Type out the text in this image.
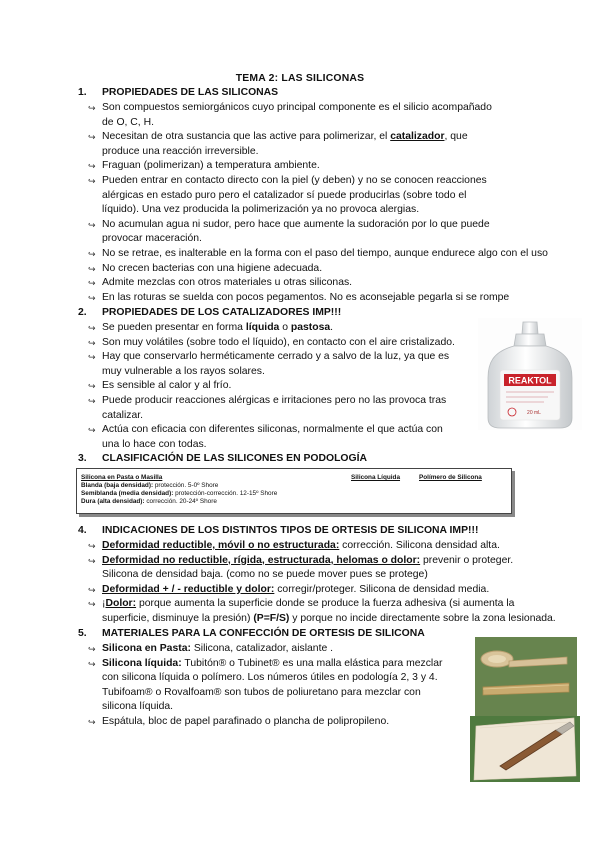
TEMA 2: LAS SILICONAS
1. PROPIEDADES DE LAS SILICONAS
↪ Son compuestos semiorgánicos cuyo principal componente es el silicio acompañado
de O, C, H.
↪ Necesitan de otra sustancia que las active para polimerizar, el catalizador, que
produce una reacción irreversible.
↪ Fraguan (polimerizan) a temperatura ambiente.
↪ Pueden entrar en contacto directo con la piel (y deben) y no se conocen reacciones
alérgicas en estado puro pero el catalizador sí puede producirlas (sobre todo el
líquido). Una vez producida la polimerización ya no provoca alergias.
↪ No acumulan agua ni sudor, pero hace que aumente la sudoración por lo que puede
provocar maceración.
↪ No se retrae, es inalterable en la forma con el paso del tiempo, aunque endurece algo con el uso
↪ No crecen bacterias con una higiene adecuada.
↪ Admite mezclas con otros materiales u otras siliconas.
↪ En las roturas se suelda con pocos pegamentos. No es aconsejable pegarla si se rompe
2. PROPIEDADES DE LOS CATALIZADORES IMP!!!
↪ Se pueden presentar en forma líquida o pastosa.
↪ Son muy volátiles (sobre todo el líquido), en contacto con el aire cristalizado.
↪ Hay que conservarlo herméticamente cerrado y a salvo de la luz, ya que es
muy vulnerable a los rayos solares.
↪ Es sensible al calor y al frío.
↪ Puede producir reacciones alérgicas e irritaciones pero no las provoca tras
catalizar.
↪ Actúa con eficacia con diferentes siliconas, normalmente el que actúa con
una lo hace con todas.
REAKTOL
20 mL
3. CLASIFICACIÓN DE LAS SILICONES EN PODOLOGÍA
Silicona en Pasta o Masilla	Silicona Líquida	Polímero de Silicona
Blanda (baja densidad): protección. 5-0º Shore
Semiblanda (media densidad): protección-corrección. 12-15º Shore
Dura (alta densidad): corrección. 20-24º Shore
4. INDICACIONES DE LOS DISTINTOS TIPOS DE ORTESIS DE SILICONA IMP!!!
↪ Deformidad reductible, móvil o no estructurada: corrección. Silicona densidad alta.
↪ Deformidad no reductible, rígida, estructurada, helomas o dolor: prevenir o proteger.
Silicona de densidad baja. (como no se puede mover pues se protege)
↪ Deformidad + / - reductible y dolor: corregir/proteger. Silicona de densidad media.
↪ ¡Dolor: porque aumenta la superficie donde se produce la fuerza adhesiva (si aumenta la
superficie, disminuye la presión) (P=F/S) y porque no incide directamente sobre la zona lesionada.
5. MATERIALES PARA LA CONFECCIÓN DE ORTESIS DE SILICONA
↪ Silicona en Pasta: Silicona, catalizador, aislante .
↪ Silicona líquida: Tubitón® o Tubinet® es una malla elástica para mezclar
con silicona líquida o polímero. Los números útiles en podología 2, 3 y 4.
Tubifoam® o Rovalfoam® son tubos de poliuretano para mezclar con
silicona líquida.
↪ Espátula, bloc de papel parafinado o plancha de polipropileno.
